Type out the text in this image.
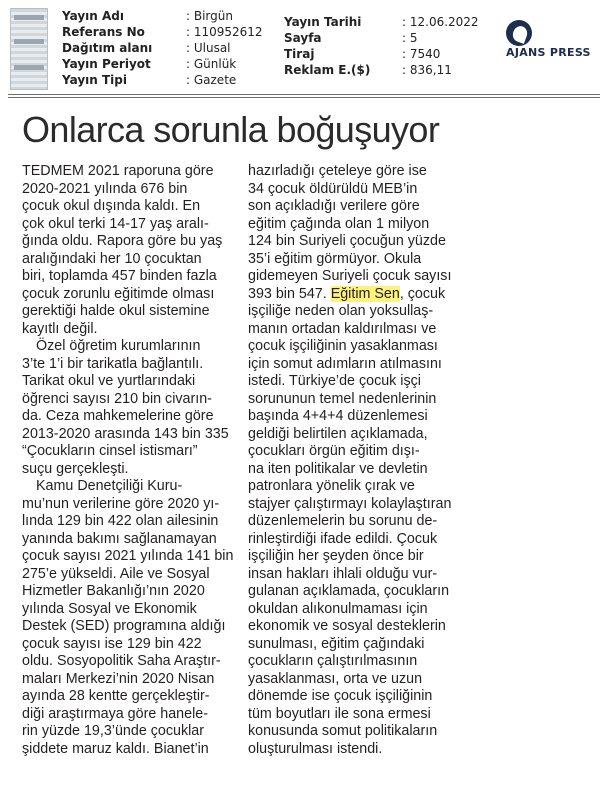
Yayın Adı	: Birgün
Referans No	: 110952612
Dağıtım alanı	: Ulusal
Yayın Periyot	: Günlük
Yayın Tipi	: Gazete
Yayın Tarihi	: 12.06.2022
Sayfa	: 5
Tiraj	: 7540
Reklam E.($)	: 836,11
AJANS PRESS
Onlarca sorunla boğuşuyor
TEDMEM 2021 raporuna göre
2020-2021 yılında 676 bin
çocuk okul dışında kaldı. En
çok okul terki 14-17 yaş aralı-
ğında oldu. Rapora göre bu yaş
aralığındaki her 10 çocuktan
biri, toplamda 457 binden fazla
çocuk zorunlu eğitimde olması
gerektiği halde okul sistemine
kayıtlı değil.
Özel öğretim kurumlarının
3’te 1’i bir tarikatla bağlantılı.
Tarikat okul ve yurtlarındaki
öğrenci sayısı 210 bin civarın-
da. Ceza mahkemelerine göre
2013-2020 arasında 143 bin 335
“Çocukların cinsel istismarı”
suçu gerçekleşti.
Kamu Denetçiliği Kuru-
mu’nun verilerine göre 2020 yı-
lında 129 bin 422 olan ailesinin
yanında bakımı sağlanamayan
çocuk sayısı 2021 yılında 141 bin
275’e yükseldi. Aile ve Sosyal
Hizmetler Bakanlığı’nın 2020
yılında Sosyal ve Ekonomik
Destek (SED) programına aldığı
çocuk sayısı ise 129 bin 422
oldu. Sosyopolitik Saha Araştır-
maları Merkezi’nin 2020 Nisan
ayında 28 kentte gerçekleştir-
diği araştırmaya göre hanele-
rin yüzde 19,3’ünde çocuklar
şiddete maruz kaldı. Bianet’in
hazırladığı çeteleye göre ise
34 çocuk öldürüldü MEB’in
son açıkladığı verilere göre
eğitim çağında olan 1 milyon
124 bin Suriyeli çocuğun yüzde
35’i eğitim görmüyor. Okula
gidemeyen Suriyeli çocuk sayısı
393 bin 547. Eğitim Sen, çocuk
işçiliğe neden olan yoksullaş-
manın ortadan kaldırılması ve
çocuk işçiliğinin yasaklanması
için somut adımların atılmasını
istedi. Türkiye’de çocuk işçi
sorununun temel nedenlerinin
başında 4+4+4 düzenlemesi
geldiği belirtilen açıklamada,
çocukları örgün eğitim dışı-
na iten politikalar ve devletin
patronlara yönelik çırak ve
stajyer çalıştırmayı kolaylaştıran
düzenlemelerin bu sorunu de-
rinleştirdiği ifade edildi. Çocuk
işçiliğin her şeyden önce bir
insan hakları ihlali olduğu vur-
gulanan açıklamada, çocukların
okuldan alıkonulmaması için
ekonomik ve sosyal desteklerin
sunulması, eğitim çağındaki
çocukların çalıştırılmasının
yasaklanması, orta ve uzun
dönemde ise çocuk işçiliğinin
tüm boyutları ile sona ermesi
konusunda somut politikaların
oluşturulması istendi.
